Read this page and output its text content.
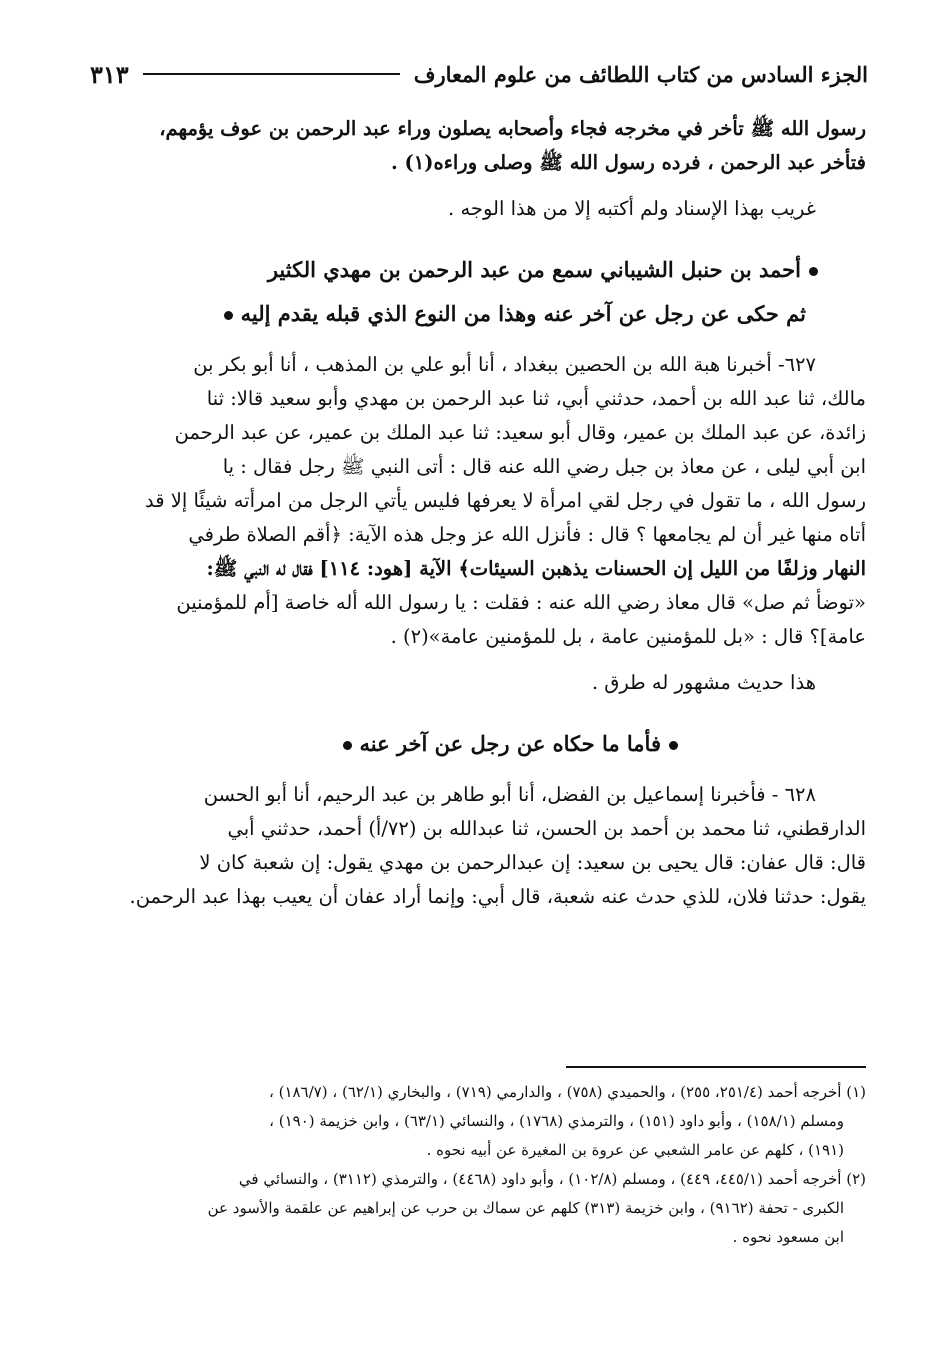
الجزء السادس من كتاب اللطائف من علوم المعارف
٣١٣
رسول الله ﷺ تأخر في مخرجه فجاء وأصحابه يصلون وراء عبد الرحمن بن عوف يؤمهم،
فتأخر عبد الرحمن ، فرده رسول الله ﷺ وصلى وراءه(١) .
غريب بهذا الإسناد ولم أكتبه إلا من هذا الوجه .
أحمد بن حنبل الشيباني سمع من عبد الرحمن بن مهدي الكثير
ثم حكى عن رجل عن آخر عنه وهذا من النوع الذي قبله يقدم إليه
٦٢٧- أخبرنا هبة الله بن الحصين ببغداد ، أنا أبو علي بن المذهب ، أنا أبو بكر بن
مالك، ثنا عبد الله بن أحمد، حدثني أبي، ثنا عبد الرحمن بن مهدي وأبو سعيد قالا: ثنا
زائدة، عن عبد الملك بن عمير، وقال أبو سعيد: ثنا عبد الملك بن عمير، عن عبد الرحمن
ابن أبي ليلى ، عن معاذ بن جبل رضي الله عنه قال : أتى النبي ﷺ رجل فقال : يا
رسول الله ، ما تقول في رجل لقي امرأة لا يعرفها فليس يأتي الرجل من امرأته شيئًا إلا قد
أتاه منها غير أن لم يجامعها ؟ قال : فأنزل الله عز وجل هذه الآية: ﴿أقم الصلاة طرفي
النهار وزلفًا من الليل إن الحسنات يذهبن السيئات﴾ الآية [هود: ١١٤] فقال له النبي ﷺ:
«توضأ ثم صل» قال معاذ رضي الله عنه : فقلت : يا رسول الله أله خاصة [أم للمؤمنين
عامة]؟ قال : «بل للمؤمنين عامة ، بل للمؤمنين عامة»(٢) .
هذا حديث مشهور له طرق .
فأما ما حكاه عن رجل عن آخر عنه
٦٢٨ - فأخبرنا إسماعيل بن الفضل، أنا أبو طاهر بن عبد الرحيم، أنا أبو الحسن
الدارقطني، ثنا محمد بن أحمد بن الحسن، ثنا عبدالله بن (٧٢/أ) أحمد، حدثني أبي
قال: قال عفان: قال يحيى بن سعيد: إن عبدالرحمن بن مهدي يقول: إن شعبة كان لا
يقول: حدثنا فلان، للذي حدث عنه شعبة، قال أبي: وإنما أراد عفان أن يعيب بهذا عبد الرحمن.
(١) أخرجه أحمد (٢٥١/٤، ٢٥٥) ، والحميدي (٧٥٨) ، والدارمي (٧١٩) ، والبخاري (٦٢/١) ، (١٨٦/٧) ،
ومسلم (١٥٨/١) ، وأبو داود (١٥١) ، والترمذي (١٧٦٨) ، والنسائي (٦٣/١) ، وابن خزيمة (١٩٠) ،
(١٩١) ، كلهم عن عامر الشعبي عن عروة بن المغيرة عن أبيه نحوه .
(٢) أخرجه أحمد (٤٤٥/١، ٤٤٩) ، ومسلم (١٠٢/٨) ، وأبو داود (٤٤٦٨) ، والترمذي (٣١١٢) ، والنسائي في
الكبرى - تحفة (٩١٦٢) ، وابن خزيمة (٣١٣) كلهم عن سماك بن حرب عن إبراهيم عن علقمة والأسود عن
ابن مسعود نحوه .
